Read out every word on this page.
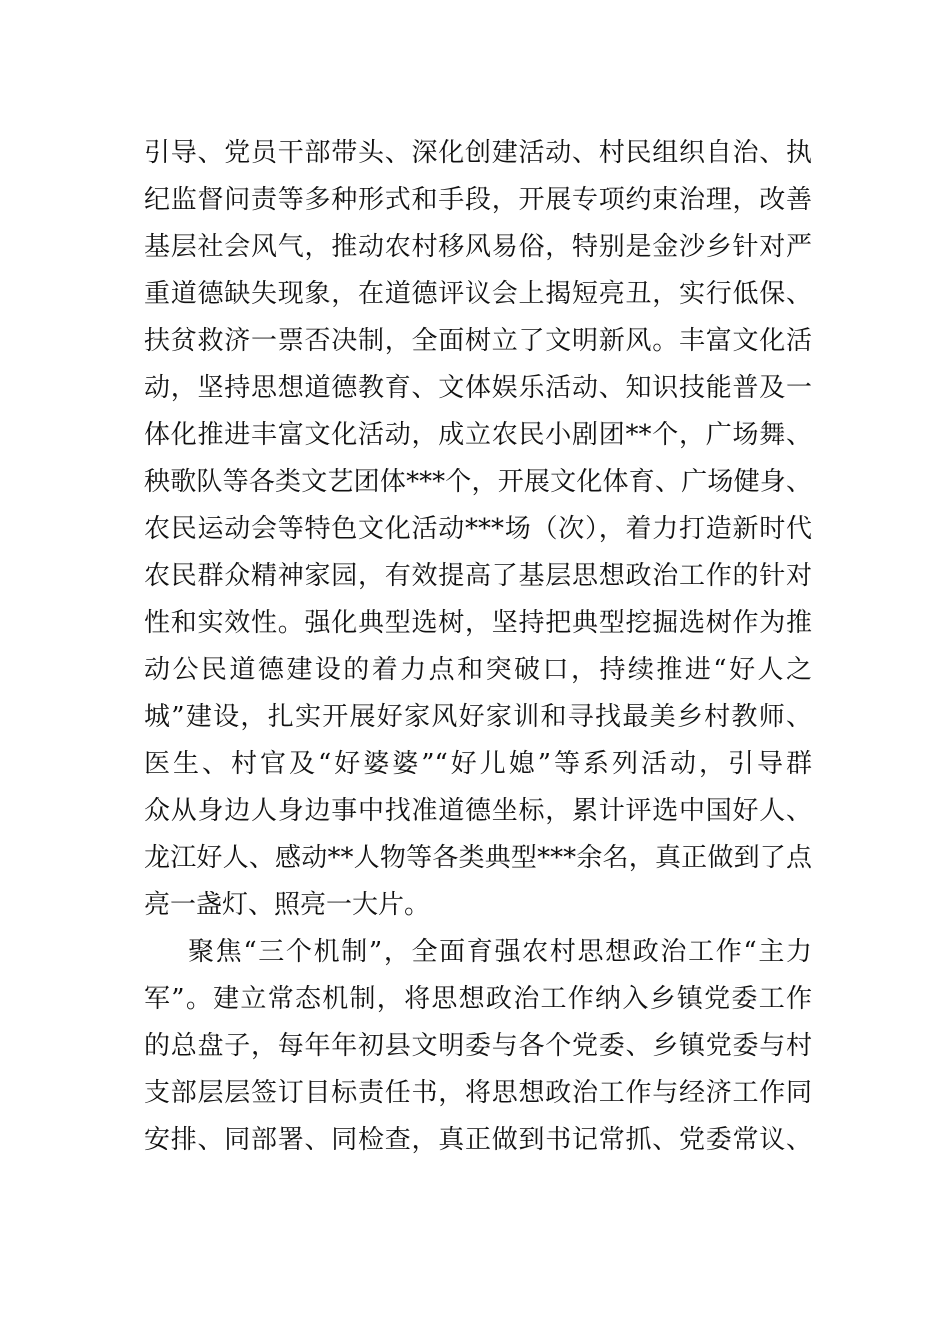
引导、党员干部带头、深化创建活动、村民组织自治、执
纪监督问责等多种形式和手段，开展专项约束治理，改善
基层社会风气，推动农村移风易俗，特别是金沙乡针对严
重道德缺失现象，在道德评议会上揭短亮丑，实行低保、
扶贫救济一票否决制，全面树立了文明新风。丰富文化活
动，坚持思想道德教育、文体娱乐活动、知识技能普及一
体化推进丰富文化活动，成立农民小剧团**个，广场舞、
秧歌队等各类文艺团体***个，开展文化体育、广场健身、
农民运动会等特色文化活动***场（次），着力打造新时代
农民群众精神家园，有效提高了基层思想政治工作的针对
性和实效性。强化典型选树，坚持把典型挖掘选树作为推
动公民道德建设的着力点和突破口，持续推进“好人之
城”建设，扎实开展好家风好家训和寻找最美乡村教师、
医生、村官及“好婆婆”“好儿媳”等系列活动，引导群
众从身边人身边事中找准道德坐标，累计评选中国好人、
龙江好人、感动**人物等各类典型***余名，真正做到了点
亮一盏灯、照亮一大片。
聚焦“三个机制”，全面育强农村思想政治工作“主力
军”。建立常态机制，将思想政治工作纳入乡镇党委工作
的总盘子，每年年初县文明委与各个党委、乡镇党委与村
支部层层签订目标责任书，将思想政治工作与经济工作同
安排、同部署、同检查，真正做到书记常抓、党委常议、
